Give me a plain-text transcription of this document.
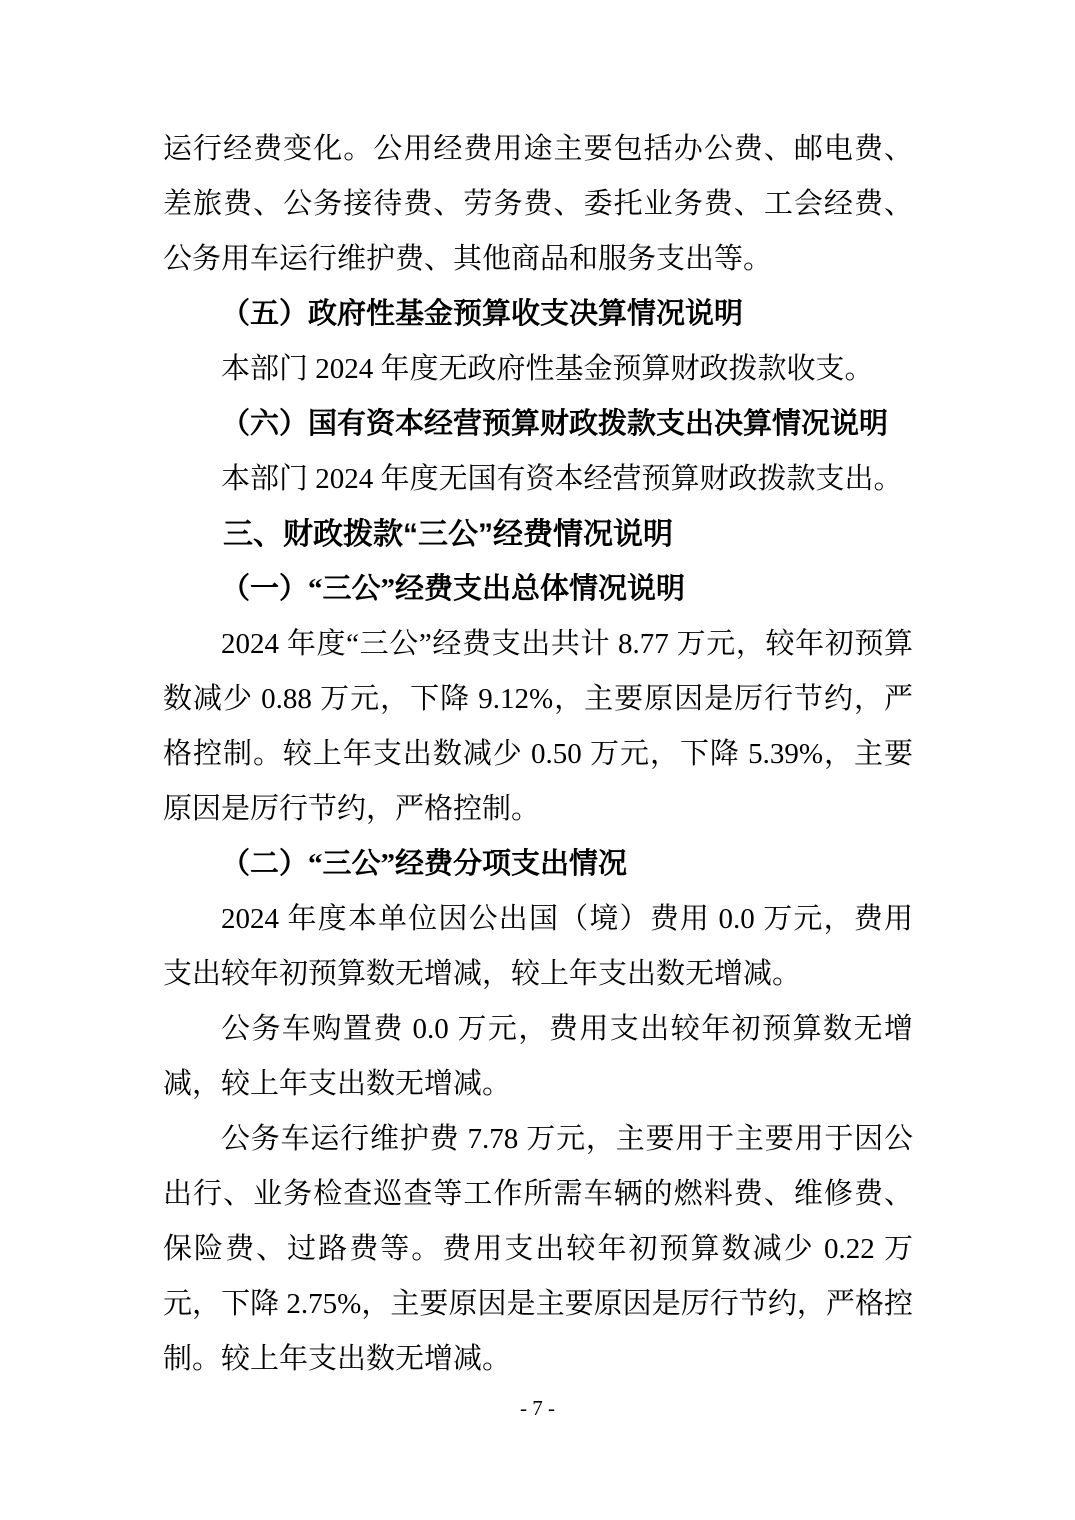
运行经费变化。公用经费用途主要包括办公费、邮电费、差旅费、公务接待费、劳务费、委托业务费、工会经费、公务用车运行维护费、其他商品和服务支出等。

（五）政府性基金预算收支决算情况说明

本部门 2024 年度无政府性基金预算财政拨款收支。

（六）国有资本经营预算财政拨款支出决算情况说明

本部门 2024 年度无国有资本经营预算财政拨款支出。

三、财政拨款“三公”经费情况说明

（一）“三公”经费支出总体情况说明

2024 年度“三公”经费支出共计 8.77 万元，较年初预算数减少 0.88 万元，下降 9.12%，主要原因是厉行节约，严格控制。较上年支出数减少 0.50 万元，下降 5.39%，主要原因是厉行节约，严格控制。

（二）“三公”经费分项支出情况

2024 年度本单位因公出国（境）费用 0.0 万元，费用支出较年初预算数无增减，较上年支出数无增减。

公务车购置费 0.0 万元，费用支出较年初预算数无增减，较上年支出数无增减。

公务车运行维护费 7.78 万元，主要用于主要用于因公出行、业务检查巡查等工作所需车辆的燃料费、维修费、保险费、过路费等。费用支出较年初预算数减少 0.22 万元，下降 2.75%，主要原因是主要原因是厉行节约，严格控制。较上年支出数无增减。

- 7 -
